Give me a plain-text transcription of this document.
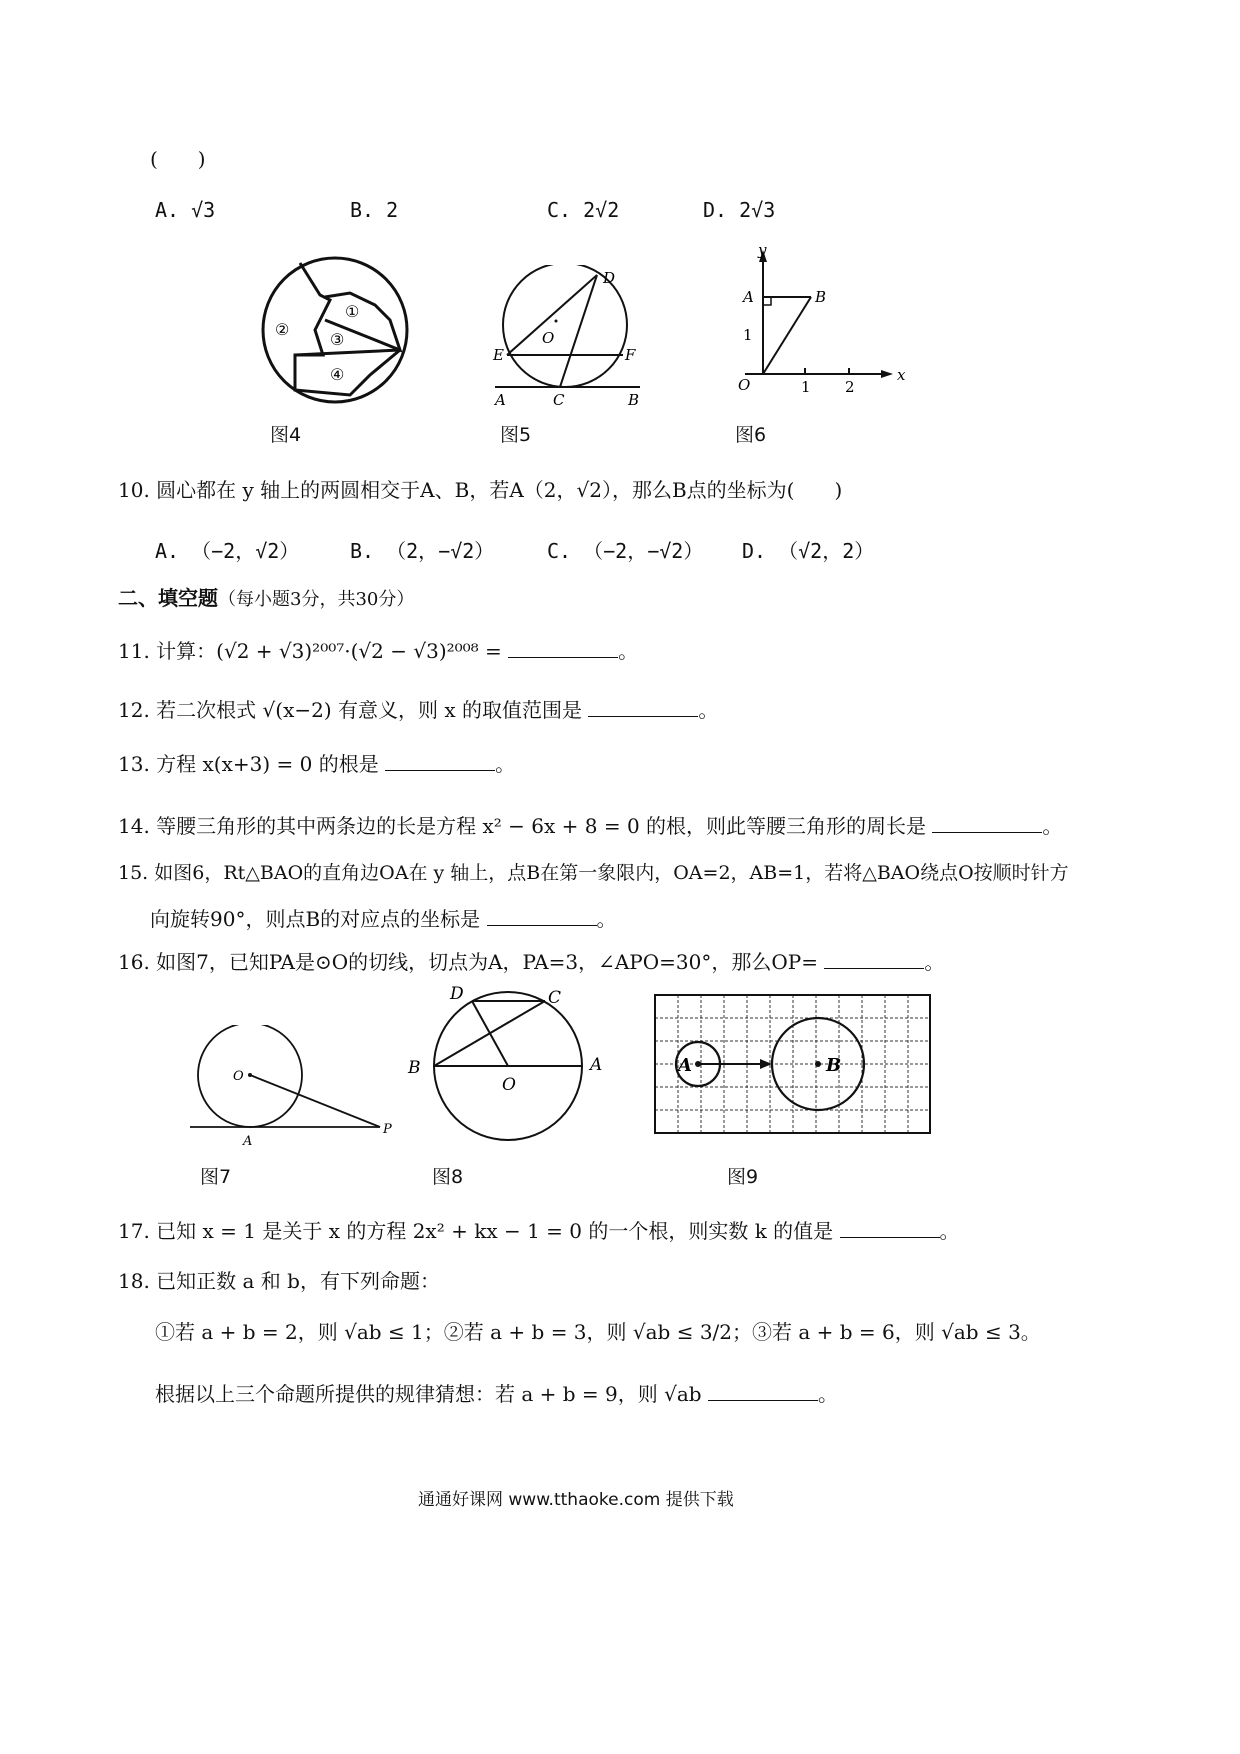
(　　)
A. √3	B. 2	C. 2√2	D. 2√3
①
②
③
④
D
O
E	F
A	C	B
y
A	B
1
O	1 2
x
图4	图5	图6
10. 圆心都在 y 轴上的两圆相交于A、B，若A（2，√2），那么B点的坐标为(　　)
A. （−2，√2）	B. （2，−√2）	C. （−2，−√2） D. （√2，2）
二、填空题（每小题3分，共30分）
11. 计算：(√2 + √3)²⁰⁰⁷·(√2 − √3)²⁰⁰⁸ =	。
12. 若二次根式 √(x−2) 有意义，则 x 的取值范围是	。
13. 方程 x(x+3) = 0 的根是	。
14. 等腰三角形的其中两条边的长是方程 x² − 6x + 8 = 0 的根，则此等腰三角形的周长是	。
15. 如图6，Rt△BAO的直角边OA在 y 轴上，点B在第一象限内，OA=2，AB=1，若将△BAO绕点O按顺时针方
向旋转90°，则点B的对应点的坐标是	。
16. 如图7，已知PA是⊙O的切线，切点为A，PA=3，∠APO=30°，那么OP=	。
O
A
P
D	C
B
O
A	A	B
图7	图8	图9
17. 已知 x = 1 是关于 x 的方程 2x² + kx − 1 = 0 的一个根，则实数 k 的值是	。
18. 已知正数 a 和 b，有下列命题：
①若 a + b = 2，则 √ab ≤ 1；②若 a + b = 3，则 √ab ≤ 3/2；③若 a + b = 6，则 √ab ≤ 3。
根据以上三个命题所提供的规律猜想：若 a + b = 9，则 √ab	。
通通好课网 www.tthaoke.com 提供下载
